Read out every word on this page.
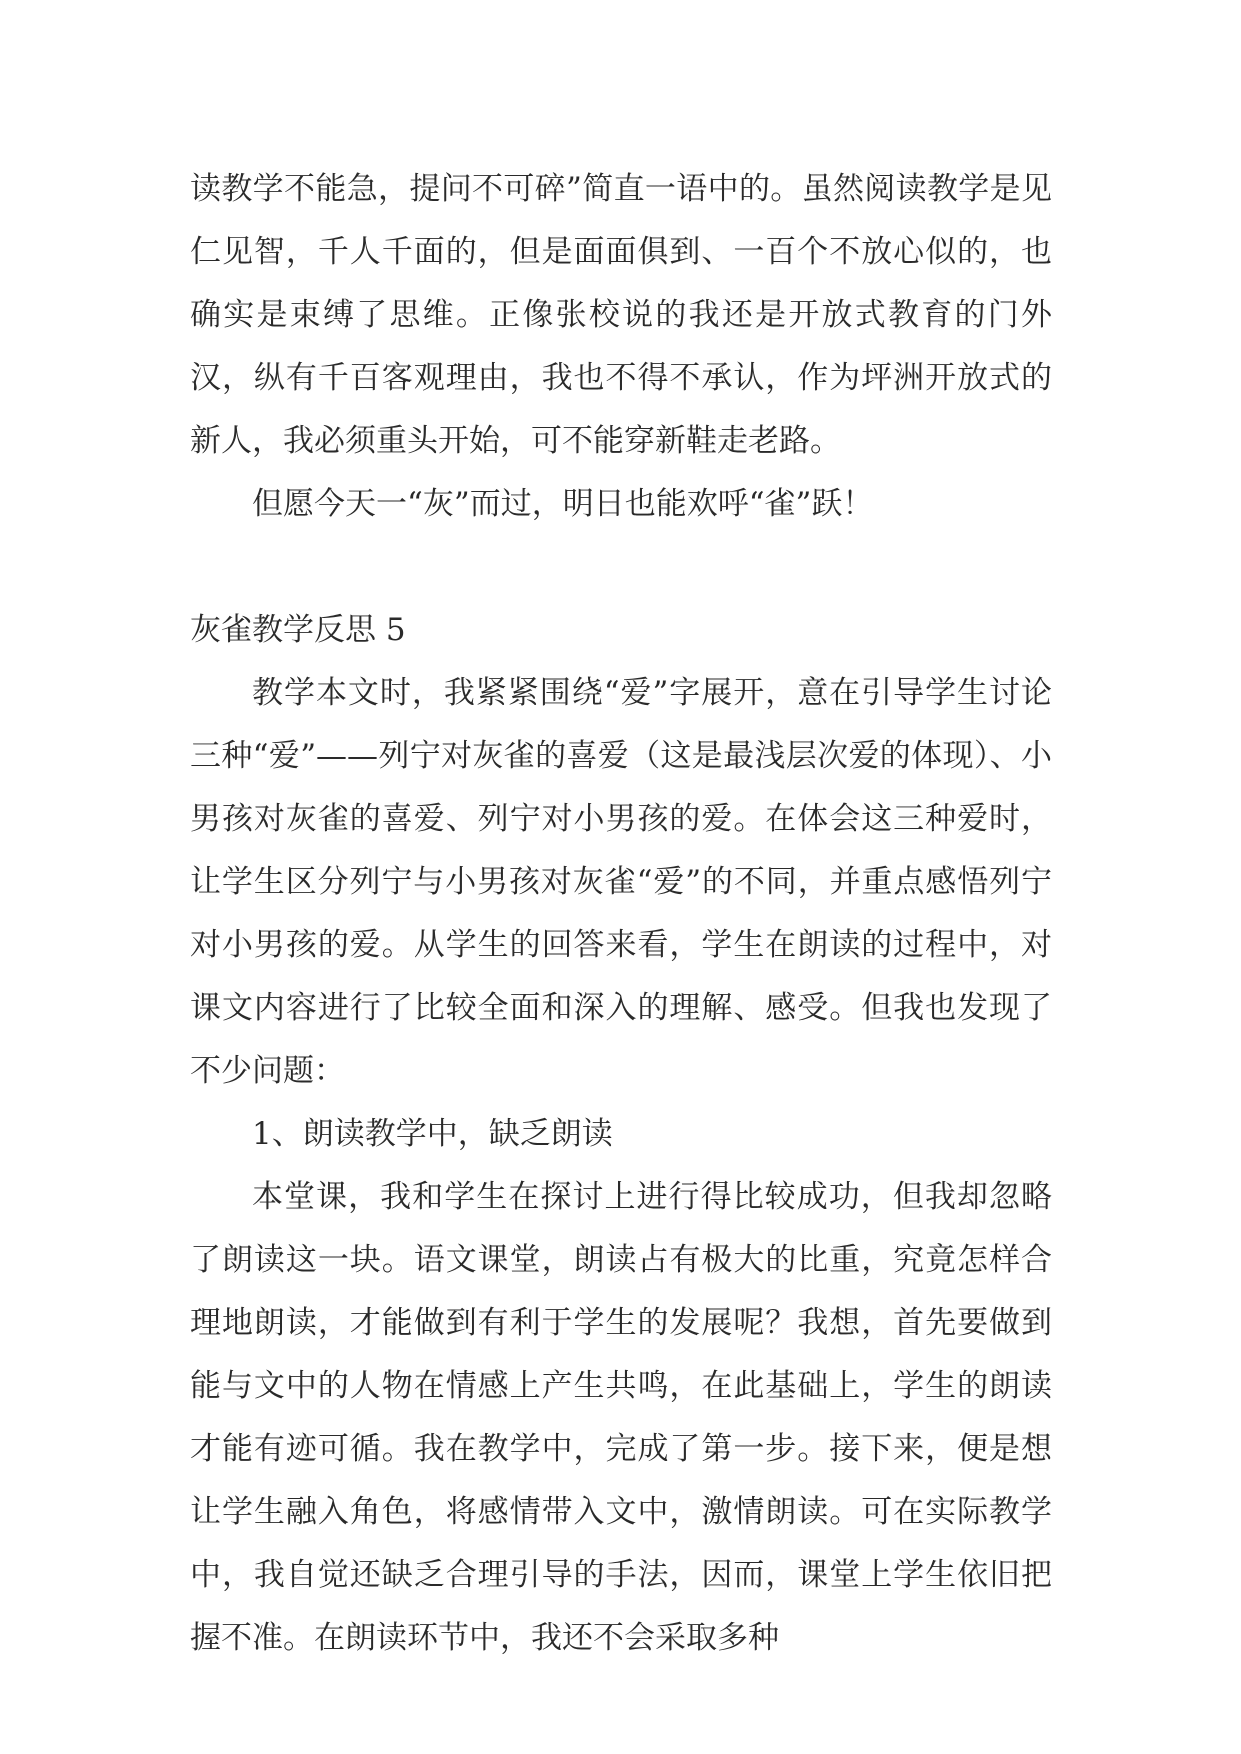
读教学不能急，提问不可碎”简直一语中的。虽然阅读教学是见仁见智，千人千面的，但是面面俱到、一百个不放心似的，也确实是束缚了思维。正像张校说的我还是开放式教育的门外汉，纵有千百客观理由，我也不得不承认，作为坪洲开放式的新人，我必须重头开始，可不能穿新鞋走老路。

但愿今天一“灰”而过，明日也能欢呼“雀”跃！

灰雀教学反思 5

教学本文时，我紧紧围绕“爱”字展开，意在引导学生讨论三种“爱”——列宁对灰雀的喜爱（这是最浅层次爱的体现）、小男孩对灰雀的喜爱、列宁对小男孩的爱。在体会这三种爱时，让学生区分列宁与小男孩对灰雀“爱”的不同，并重点感悟列宁对小男孩的爱。从学生的回答来看，学生在朗读的过程中，对课文内容进行了比较全面和深入的理解、感受。但我也发现了不少问题：

1、朗读教学中，缺乏朗读

本堂课，我和学生在探讨上进行得比较成功，但我却忽略了朗读这一块。语文课堂，朗读占有极大的比重，究竟怎样合理地朗读，才能做到有利于学生的发展呢？我想，首先要做到能与文中的人物在情感上产生共鸣，在此基础上，学生的朗读才能有迹可循。我在教学中，完成了第一步。接下来，便是想让学生融入角色，将感情带入文中，激情朗读。可在实际教学中，我自觉还缺乏合理引导的手法，因而，课堂上学生依旧把握不准。在朗读环节中，我还不会采取多种
